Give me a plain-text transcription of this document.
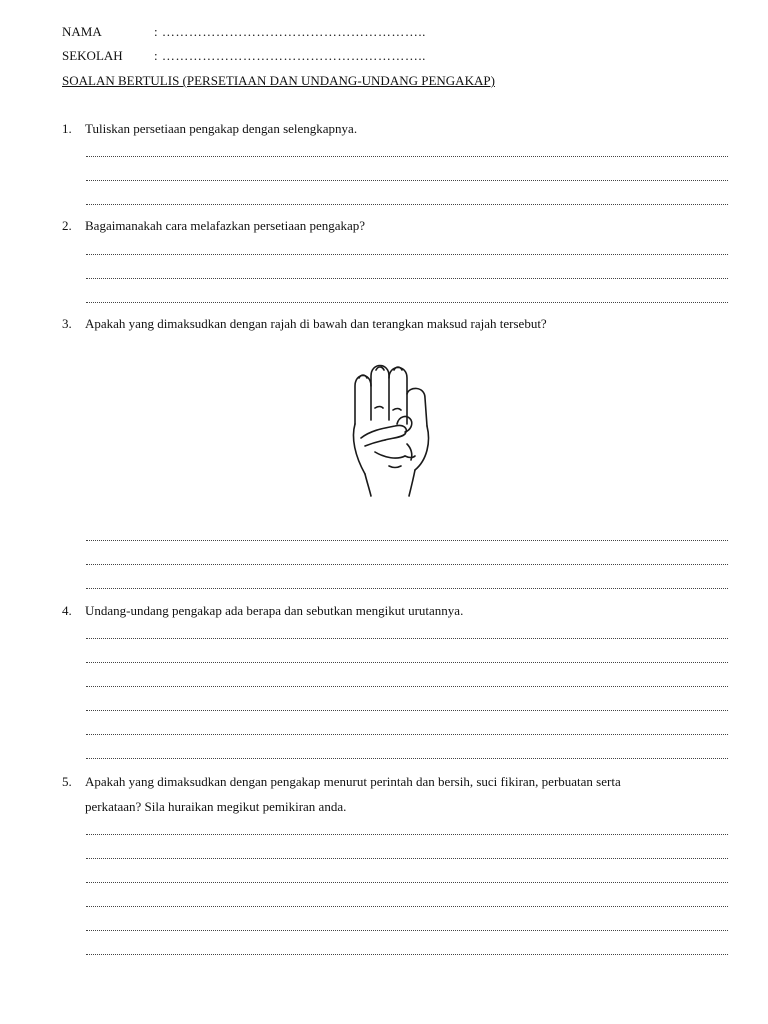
NAMA	: …………………………………………………..
SEKOLAH : …………………………………………………..
SOALAN BERTULIS (PERSETIAAN DAN UNDANG-UNDANG PENGAKAP)
1. Tuliskan persetiaan pengakap dengan selengkapnya.
2. Bagaimanakah cara melafazkan persetiaan pengakap?
3. Apakah yang dimaksudkan dengan rajah di bawah dan terangkan maksud rajah tersebut?
4. Undang-undang pengakap ada berapa dan sebutkan mengikut urutannya.
5. Apakah yang dimaksudkan dengan pengakap menurut perintah dan bersih, suci fikiran, perbuatan serta
perkataan? Sila huraikan megikut pemikiran anda.
